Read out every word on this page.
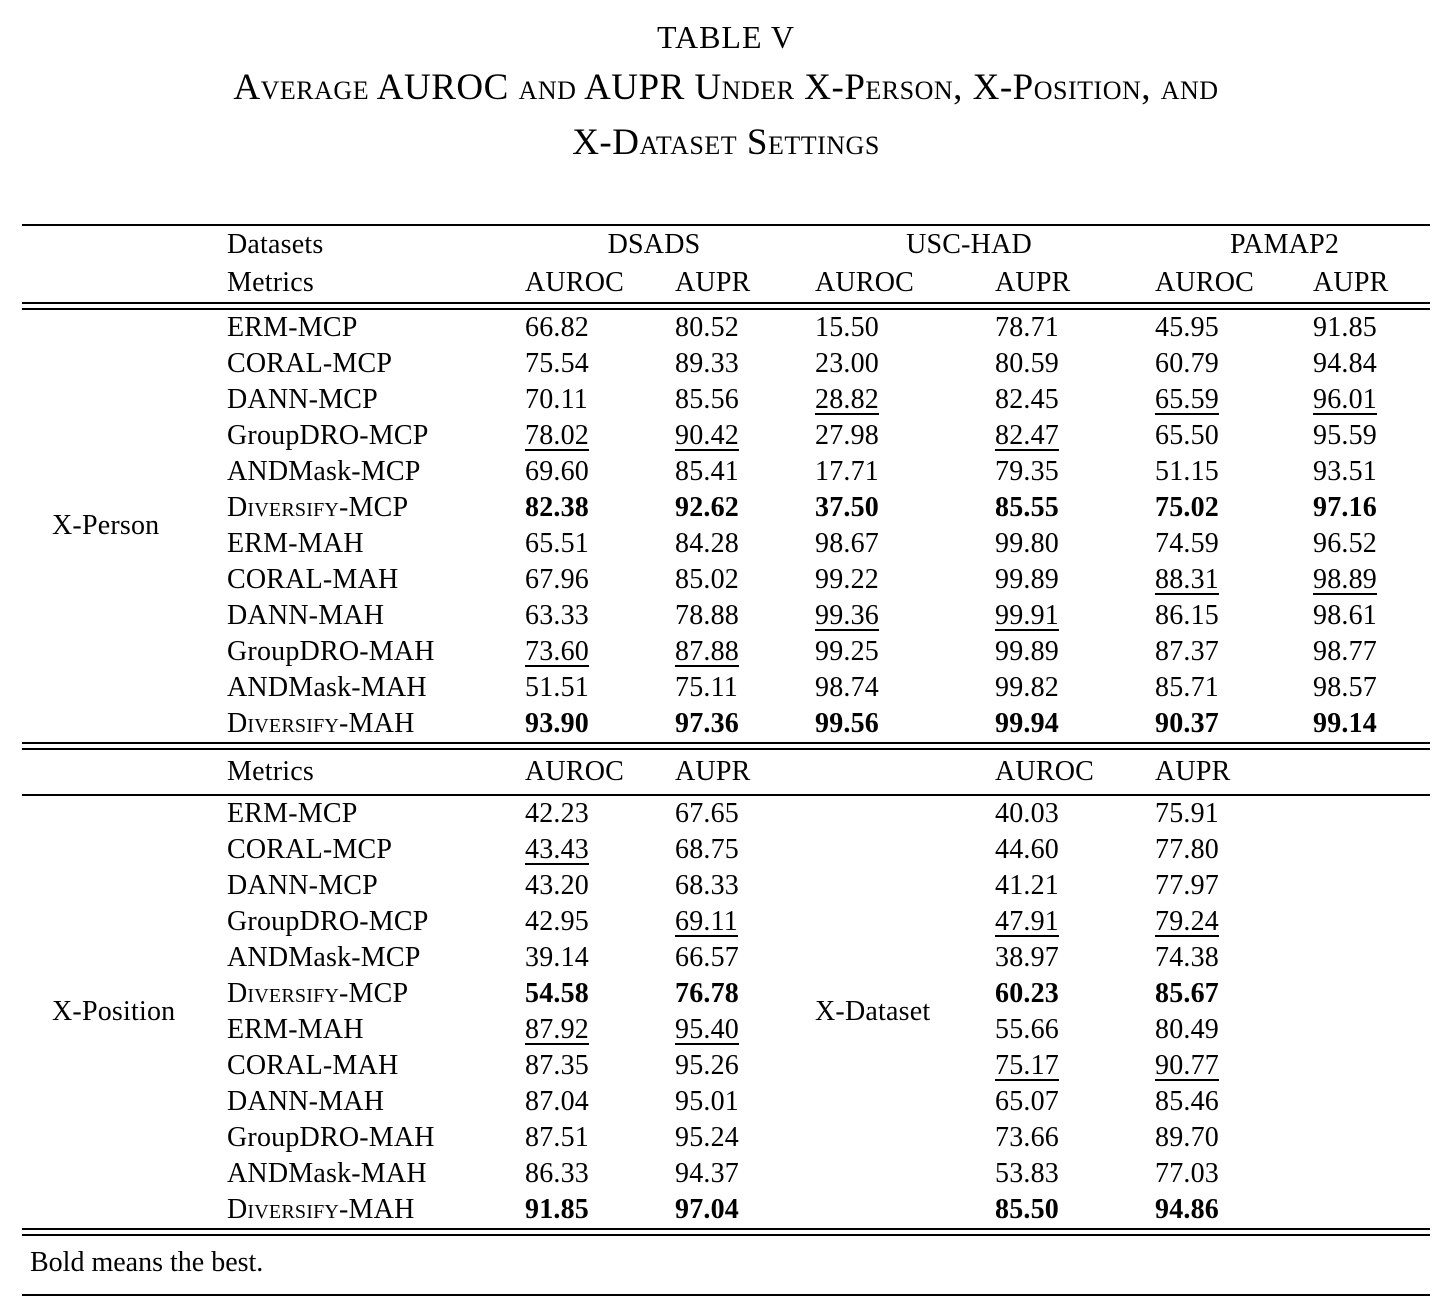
TABLE V
Average AUROC and AUPR Under X-Person, X-Position, and
X-Dataset Settings
	Datasets	DSADS		USC-HAD		PAMAP2	
	Metrics	AUROC	AUPR	AUROC	AUPR	AUROC	AUPR
X-Person	ERM-MCP	66.82	80.52	15.50	78.71	45.95	91.85
	CORAL-MCP	75.54	89.33	23.00	80.59	60.79	94.84
	DANN-MCP	70.11	85.56	28.82	82.45	65.59	96.01
	GroupDRO-MCP	78.02	90.42	27.98	82.47	65.50	95.59
	ANDMask-MCP	69.60	85.41	17.71	79.35	51.15	93.51
	Diversify-MCP	82.38	92.62	37.50	85.55	75.02	97.16
	ERM-MAH	65.51	84.28	98.67	99.80	74.59	96.52
	CORAL-MAH	67.96	85.02	99.22	99.89	88.31	98.89
	DANN-MAH	63.33	78.88	99.36	99.91	86.15	98.61
	GroupDRO-MAH	73.60	87.88	99.25	99.89	87.37	98.77
	ANDMask-MAH	51.51	75.11	98.74	99.82	85.71	98.57
	Diversify-MAH	93.90	97.36	99.56	99.94	90.37	99.14
	Metrics	AUROC	AUPR		AUROC	AUPR	
X-Position	ERM-MCP	42.23	67.65	X-Dataset	40.03	75.91	
	CORAL-MCP	43.43	68.75		44.60	77.80	
	DANN-MCP	43.20	68.33		41.21	77.97	
	GroupDRO-MCP	42.95	69.11		47.91	79.24	
	ANDMask-MCP	39.14	66.57		38.97	74.38	
	Diversify-MCP	54.58	76.78		60.23	85.67	
	ERM-MAH	87.92	95.40		55.66	80.49	
	CORAL-MAH	87.35	95.26		75.17	90.77	
	DANN-MAH	87.04	95.01		65.07	85.46	
	GroupDRO-MAH	87.51	95.24		73.66	89.70	
	ANDMask-MAH	86.33	94.37		53.83	77.03	
	Diversify-MAH	91.85	97.04		85.50	94.86	
Bold means the best.
